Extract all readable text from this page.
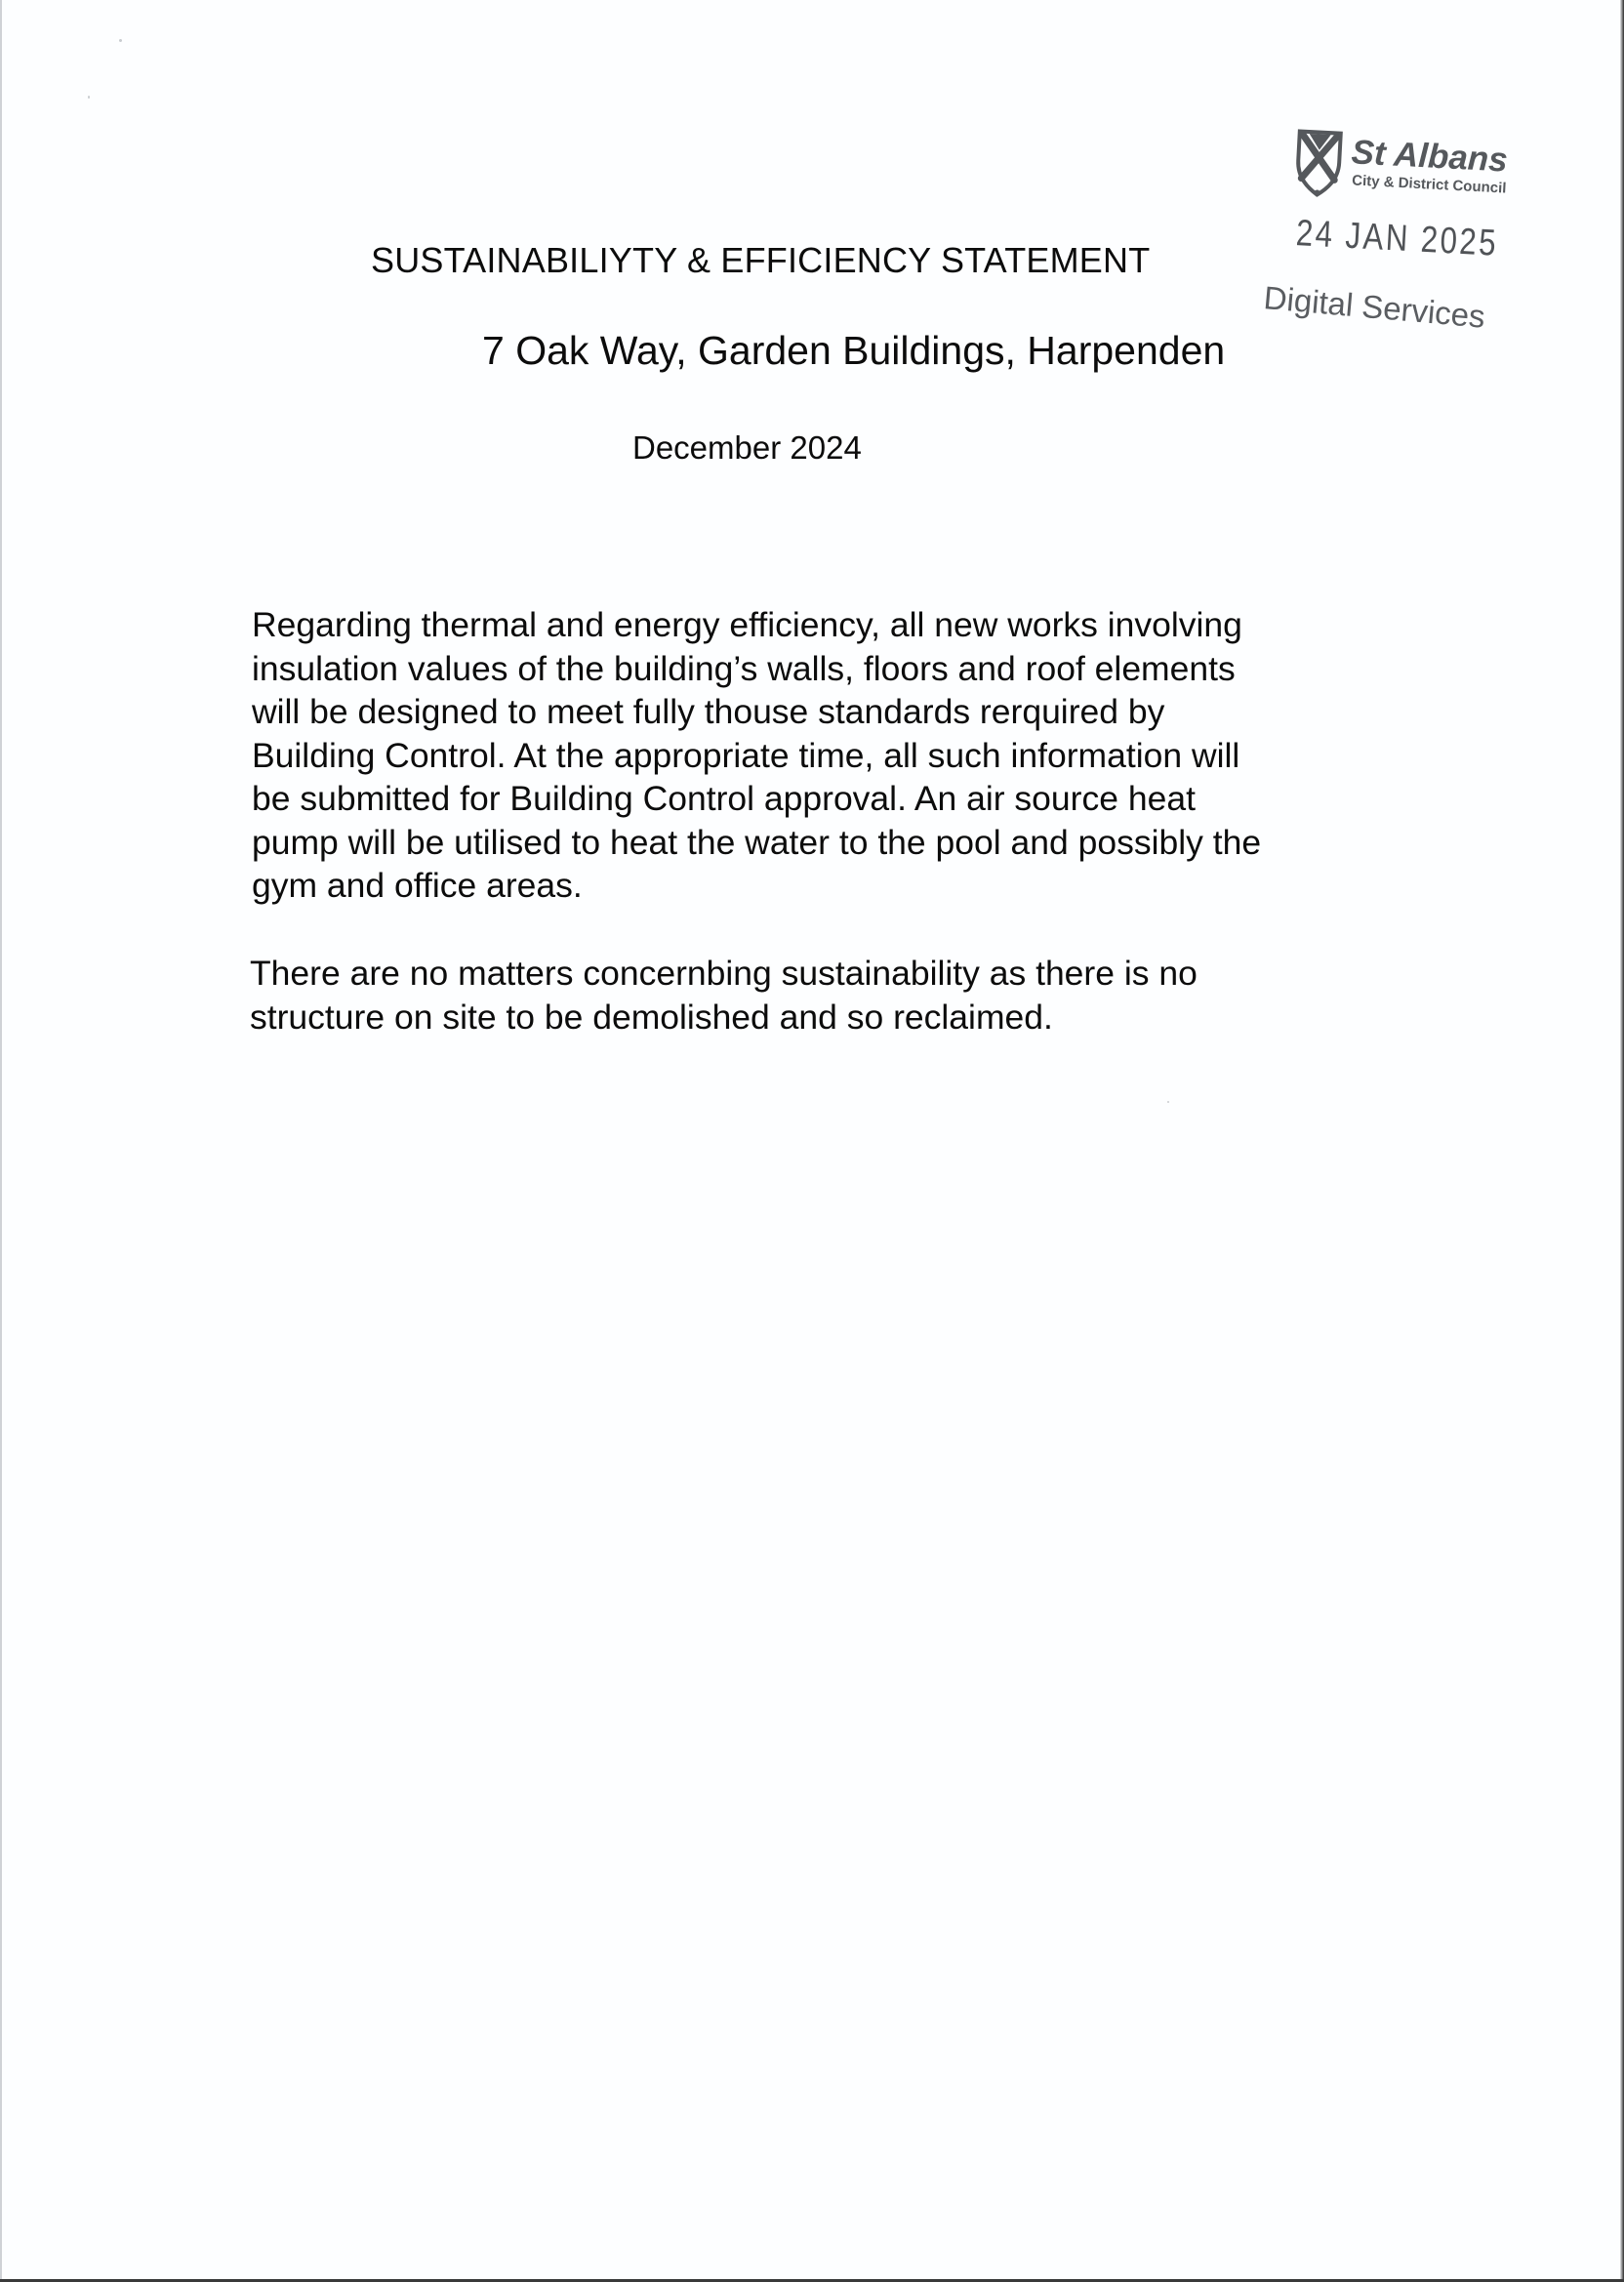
St Albans
City & District Council
24 JAN 2025
Digital Services
SUSTAINABILIYTY & EFFICIENCY STATEMENT
7 Oak Way, Garden Buildings, Harpenden
December 2024
Regarding thermal and energy efficiency, all new works involving
insulation values of the building’s walls, floors and roof elements
will be designed to meet fully thouse standards rerquired by
Building Control. At the appropriate time, all such information will
be submitted for Building Control approval. An air source heat
pump will be utilised to heat the water to the pool and possibly the
gym and office areas.
There are no matters concernbing sustainability as there is no
structure on site to be demolished and so reclaimed.
